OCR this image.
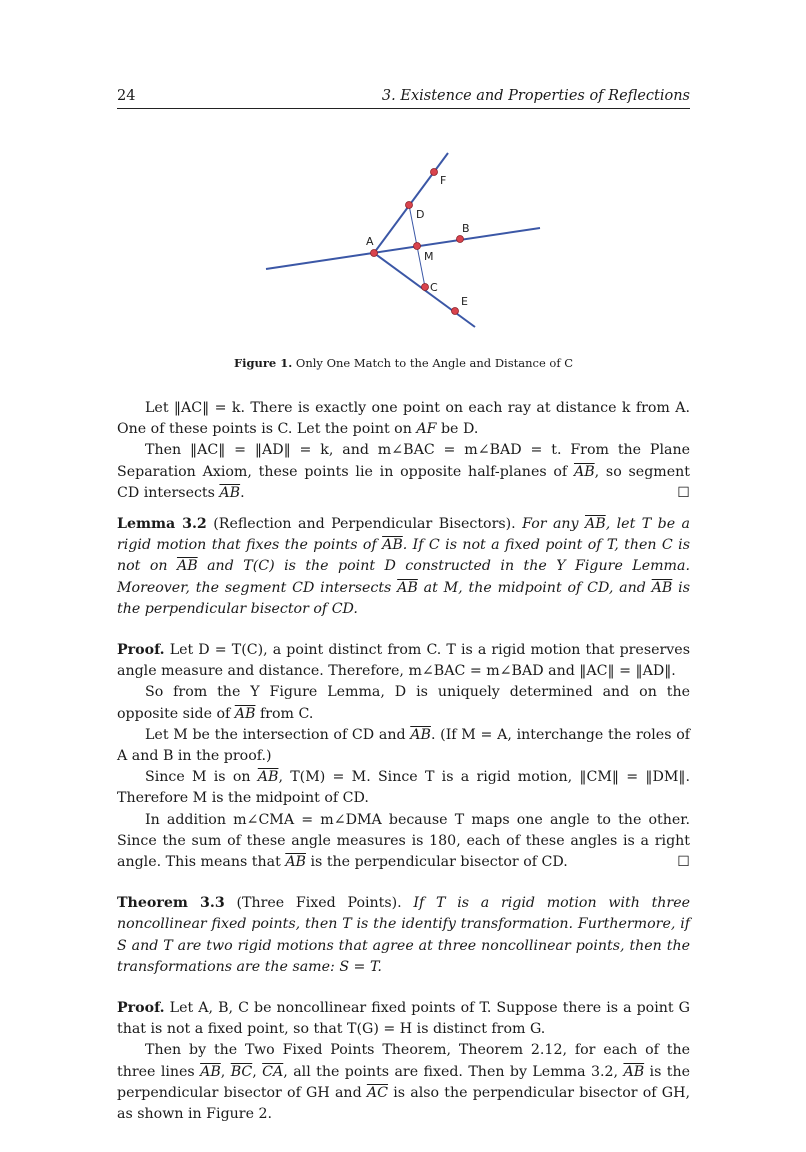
24	3. Existence and Properties of Reflections
A
B
C
D
E
F
M
Figure 1. Only One Match to the Angle and Distance of C

Let ‖AC‖ = k. There is exactly one point on each ray at distance k from A. One of these points is C. Let the point on AF be D.

Then ‖AC‖ = ‖AD‖ = k, and m∠BAC = m∠BAD = t. From the Plane Separation Axiom, these points lie in opposite half-planes of $\overline{AB}$, so segment CD intersects $\overline{AB}$.	☐

Lemma 3.2 (Reflection and Perpendicular Bisectors). For any $\overline{AB}$, let T be a rigid motion that fixes the points of $\overline{AB}$. If C is not a fixed point of T, then C is not on $\overline{AB}$ and T(C) is the point D constructed in the Y Figure Lemma. Moreover, the segment CD intersects $\overline{AB}$ at M, the midpoint of CD, and $\overline{AB}$ is the perpendicular bisector of CD.

Proof. Let D = T(C), a point distinct from C. T is a rigid motion that preserves angle measure and distance. Therefore, m∠BAC = m∠BAD and ‖AC‖ = ‖AD‖.

So from the Y Figure Lemma, D is uniquely determined and on the opposite side of $\overline{AB}$ from C.

Let M be the intersection of CD and $\overline{AB}$. (If M = A, interchange the roles of A and B in the proof.)

Since M is on $\overline{AB}$, T(M) = M. Since T is a rigid motion, ‖CM‖ = ‖DM‖. Therefore M is the midpoint of CD.

In addition m∠CMA = m∠DMA because T maps one angle to the other. Since the sum of these angle measures is 180, each of these angles is a right angle. This means that $\overline{AB}$ is the perpendicular bisector of CD.	☐

Theorem 3.3 (Three Fixed Points). If T is a rigid motion with three noncollinear fixed points, then T is the identify transformation. Furthermore, if S and T are two rigid motions that agree at three noncollinear points, then the transformations are the same: S = T.

Proof. Let A, B, C be noncollinear fixed points of T. Suppose there is a point G that is not a fixed point, so that T(G) = H is distinct from G.

Then by the Two Fixed Points Theorem, Theorem 2.12, for each of the three lines $\overline{AB}$, $\overline{BC}$, $\overline{CA}$, all the points are fixed. Then by Lemma 3.2, $\overline{AB}$ is the perpendicular bisector of GH and $\overline{AC}$ is also the perpendicular bisector of GH, as shown in Figure 2.
